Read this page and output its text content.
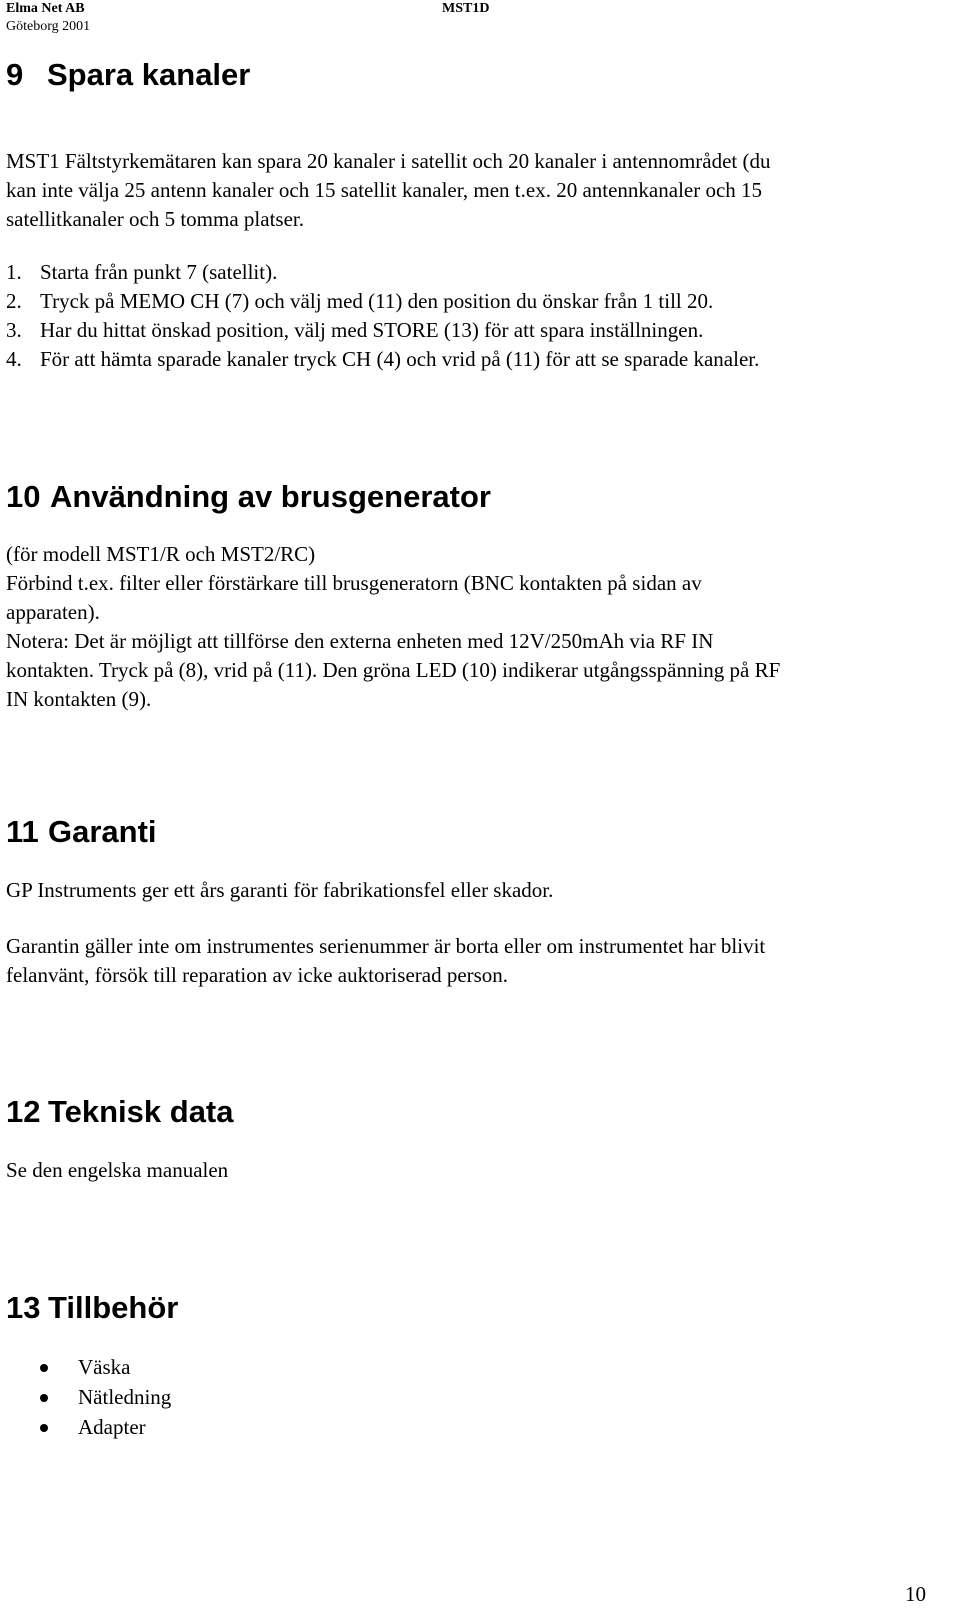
Elma Net AB
Göteborg 2001
MST1D
9 Spara kanaler

MST1 Fältstyrkemätaren kan spara 20 kanaler i satellit och 20 kanaler i antennområdet (du
kan inte välja 25 antenn kanaler och 15 satellit kanaler, men t.ex. 20 antennkanaler och 15
satellitkanaler och 5 tomma platser.

1. Starta från punkt 7 (satellit).
2. Tryck på MEMO CH (7) och välj med (11) den position du önskar från 1 till 20.
3. Har du hittat önskad position, välj med STORE (13) för att spara inställningen.
4. För att hämta sparade kanaler tryck CH (4) och vrid på (11) för att se sparade kanaler.
10 Användning av brusgenerator

(för modell MST1/R och MST2/RC)
Förbind t.ex. filter eller förstärkare till brusgeneratorn (BNC kontakten på sidan av
apparaten).
Notera: Det är möjligt att tillförse den externa enheten med 12V/250mAh via RF IN
kontakten. Tryck på (8), vrid på (11). Den gröna LED (10) indikerar utgångsspänning på RF
IN kontakten (9).

11 Garanti

GP Instruments ger ett års garanti för fabrikationsfel eller skador.

Garantin gäller inte om instrumentes serienummer är borta eller om instrumentet har blivit
felanvänt, försök till reparation av icke auktoriserad person.

12 Teknisk data

Se den engelska manualen

13 Tillbehör
Väska
Nätledning
Adapter
10
